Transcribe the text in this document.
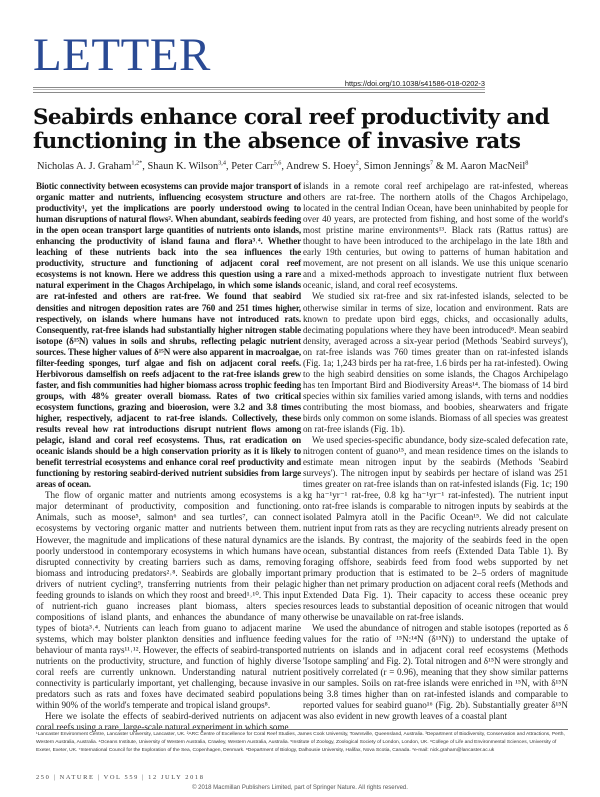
LETTER
https://doi.org/10.1038/s41586-018-0202-3
Seabirds enhance coral reef productivity and
functioning in the absence of invasive rats
Nicholas A. J. Graham$^{1,2*}$, Shaun K. Wilson$^{3,4}$, Peter Carr$^{5,6}$, Andrew S. Hoey$^2$, Simon Jennings$^7$ & M. Aaron MacNeil$^8$

Biotic connectivity between ecosystems can provide major transport of organic matter and nutrients, influencing ecosystem structure and productivity¹, yet the implications are poorly understood owing to human disruptions of natural flows². When abundant, seabirds feeding in the open ocean transport large quantities of nutrients onto islands, enhancing the productivity of island fauna and flora³˒⁴. Whether leaching of these nutrients back into the sea influences the productivity, structure and functioning of adjacent coral reef ecosystems is not known. Here we address this question using a rare natural experiment in the Chagos Archipelago, in which some islands are rat-infested and others are rat-free. We found that seabird densities and nitrogen deposition rates are 760 and 251 times higher, respectively, on islands where humans have not introduced rats. Consequently, rat-free islands had substantially higher nitrogen stable isotope (δ¹⁵N) values in soils and shrubs, reflecting pelagic nutrient sources. These higher values of δ¹⁵N were also apparent in macroalgae, filter-feeding sponges, turf algae and fish on adjacent coral reefs. Herbivorous damselfish on reefs adjacent to the rat-free islands grew faster, and fish communities had higher biomass across trophic feeding groups, with 48% greater overall biomass. Rates of two critical ecosystem functions, grazing and bioerosion, were 3.2 and 3.8 times higher, respectively, adjacent to rat-free islands. Collectively, these results reveal how rat introductions disrupt nutrient flows among pelagic, island and coral reef ecosystems. Thus, rat eradication on oceanic islands should be a high conservation priority as it is likely to benefit terrestrial ecosystems and enhance coral reef productivity and functioning by restoring seabird-derived nutrient subsidies from large areas of ocean.

The flow of organic matter and nutrients among ecosystems is a major determinant of productivity, composition and functioning. Animals, such as moose⁵, salmon⁶ and sea turtles⁷, can connect ecosystems by vectoring organic matter and nutrients between them. However, the magnitude and implications of these natural dynamics are poorly understood in contemporary ecosystems in which humans have disrupted connectivity by creating barriers such as dams, removing biomass and introducing predators²˒⁸. Seabirds are globally important drivers of nutrient cycling⁹, transferring nutrients from their pelagic feeding grounds to islands on which they roost and breed¹˒¹⁰. This input of nutrient-rich guano increases plant biomass, alters species compositions of island plants, and enhances the abundance of many types of biota³˒⁴. Nutrients can leach from guano to adjacent marine systems, which may bolster plankton densities and influence feeding behaviour of manta rays¹¹˒¹². However, the effects of seabird-transported nutrients on the productivity, structure, and function of highly diverse coral reefs are currently unknown. Understanding natural nutrient connectivity is particularly important, yet challenging, because invasive predators such as rats and foxes have decimated seabird populations within 90% of the world's temperate and tropical island groups⁸.

Here we isolate the effects of seabird-derived nutrients on adjacent coral reefs using a rare, large-scale natural experiment in which some

islands in a remote coral reef archipelago are rat-infested, whereas others are rat-free. The northern atolls of the Chagos Archipelago, located in the central Indian Ocean, have been uninhabited by people for over 40 years, are protected from fishing, and host some of the world's most pristine marine environments¹³. Black rats (Rattus rattus) are thought to have been introduced to the archipelago in the late 18th and early 19th centuries, but owing to patterns of human habitation and movement, are not present on all islands. We use this unique scenario and a mixed-methods approach to investigate nutrient flux between oceanic, island, and coral reef ecosystems.

We studied six rat-free and six rat-infested islands, selected to be otherwise similar in terms of size, location and environment. Rats are known to predate upon bird eggs, chicks, and occasionally adults, decimating populations where they have been introduced⁸. Mean seabird density, averaged across a six-year period (Methods 'Seabird surveys'), on rat-free islands was 760 times greater than on rat-infested islands (Fig. 1a; 1,243 birds per ha rat-free, 1.6 birds per ha rat-infested). Owing to the high seabird densities on some islands, the Chagos Archipelago has ten Important Bird and Biodiversity Areas¹⁴. The biomass of 14 bird species within six families varied among islands, with terns and noddies contributing the most biomass, and boobies, shearwaters and frigate birds only common on some islands. Biomass of all species was greatest on rat-free islands (Fig. 1b).

We used species-specific abundance, body size-scaled defecation rate, nitrogen content of guano¹⁵, and mean residence times on the islands to estimate mean nitrogen input by the seabirds (Methods 'Seabird surveys'). The nitrogen input by seabirds per hectare of island was 251 times greater on rat-free islands than on rat-infested islands (Fig. 1c; 190 kg ha⁻¹yr⁻¹ rat-free, 0.8 kg ha⁻¹yr⁻¹ rat-infested). The nutrient input onto rat-free islands is comparable to nitrogen inputs by seabirds at the isolated Palmyra atoll in the Pacific Ocean¹⁵. We did not calculate nutrient input from rats as they are recycling nutrients already present on the islands. By contrast, the majority of the seabirds feed in the open ocean, substantial distances from reefs (Extended Data Table 1). By foraging offshore, seabirds feed from food webs supported by net primary production that is estimated to be 2–5 orders of magnitude higher than net primary production on adjacent coral reefs (Methods and Extended Data Fig. 1). Their capacity to access these oceanic prey resources leads to substantial deposition of oceanic nitrogen that would otherwise be unavailable on rat-free islands.

We used the abundance of nitrogen and stable isotopes (reported as δ values for the ratio of ¹⁵N:¹⁴N (δ¹⁵N)) to understand the uptake of nutrients on islands and in adjacent coral reef ecosystems (Methods 'Isotope sampling' and Fig. 2). Total nitrogen and δ¹⁵N were strongly and positively correlated (r = 0.96), meaning that they show similar patterns in our samples. Soils on rat-free islands were enriched in ¹⁵N, with δ¹⁵N being 3.8 times higher than on rat-infested islands and comparable to reported values for seabird guano¹⁶ (Fig. 2b). Substantially greater δ¹⁵N was also evident in new growth leaves of a coastal plant

¹Lancaster Environment Centre, Lancaster University, Lancaster, UK. ²ARC Centre of Excellence for Coral Reef Studies, James Cook University, Townsville, Queensland, Australia. ³Department of Biodiversity, Conservation and Attractions, Perth, Western Australia, Australia. ⁴Oceans Institute, University of Western Australia, Crawley, Western Australia, Australia. ⁵Institute of Zoology, Zoological Society of London, London, UK. ⁶College of Life and Environmental Sciences, University of Exeter, Exeter, UK. ⁷International Council for the Exploration of the Sea, Copenhagen, Denmark. ⁸Department of Biology, Dalhousie University, Halifax, Nova Scotia, Canada. *e-mail: nick.graham@lancaster.ac.uk
250 | NATURE | VOL 559 | 12 JULY 2018
© 2018 Macmillan Publishers Limited, part of Springer Nature. All rights reserved.
